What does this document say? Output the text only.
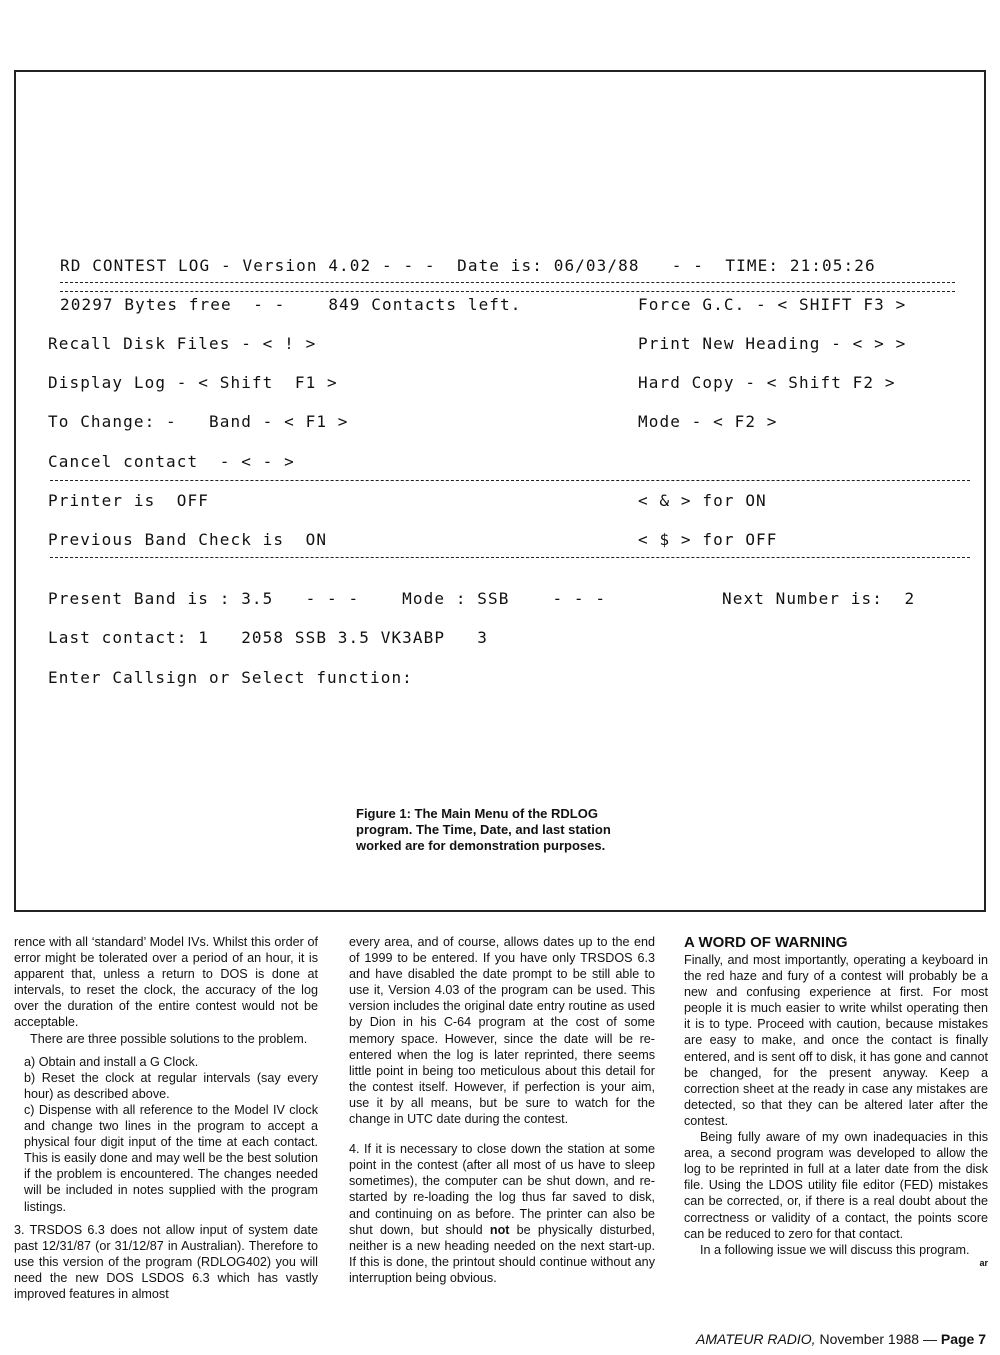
RD CONTEST LOG - Version 4.02 - - -  Date is: 06/03/88   - -  TIME: 21:05:26
20297 Bytes free  - -    849 Contacts left.	Force G.C. - < SHIFT F3 >
Recall Disk Files - < ! >	Print New Heading - < > >
Display Log - < Shift  F1 >	Hard Copy - < Shift F2 >
To Change: -   Band - < F1 >	Mode - < F2 >
Cancel contact  - < - >
Printer is  OFF	< & > for ON
Previous Band Check is  ON	< $ > for OFF
Present Band is : 3.5   - - -    Mode : SSB    - - -	Next Number is:  2
Last contact: 1   2058 SSB 3.5 VK3ABP   3
Enter Callsign or Select function:

Figure 1: The Main Menu of the RDLOG

program. The Time, Date, and last station

worked are for demonstration purposes.

rence with all ‘standard’ Model IVs. Whilst this order of error might be tolerated over a period of an hour, it is apparent that, unless a return to DOS is done at intervals, to reset the clock, the accuracy of the log over the duration of the entire contest would not be acceptable.

There are three possible solutions to the problem.

a) Obtain and install a G Clock.

b) Reset the clock at regular intervals (say every hour) as described above.

c) Dispense with all reference to the Model IV clock and change two lines in the program to accept a physical four digit input of the time at each contact. This is easily done and may well be the best solution if the problem is encountered. The changes needed will be included in notes supplied with the program listings.

3. TRSDOS 6.3 does not allow input of system date past 12/31/87 (or 31/12/87 in Australian). Therefore to use this version of the program (RDLOG402) you will need the new DOS LSDOS 6.3 which has vastly improved features in almost

every area, and of course, allows dates up to the end of 1999 to be entered. If you have only TRSDOS 6.3 and have disabled the date prompt to be still able to use it, Version 4.03 of the program can be used. This version includes the original date entry routine as used by Dion in his C-64 program at the cost of some memory space. However, since the date will be re-entered when the log is later reprinted, there seems little point in being too meticulous about this detail for the contest itself. However, if perfection is your aim, use it by all means, but be sure to watch for the change in UTC date during the contest.

4. If it is necessary to close down the station at some point in the contest (after all most of us have to sleep sometimes), the computer can be shut down, and re-started by re-loading the log thus far saved to disk, and continuing on as before. The printer can also be shut down, but should not be physically disturbed, neither is a new heading needed on the next start-up. If this is done, the printout should continue without any interruption being obvious.

A WORD OF WARNING

Finally, and most importantly, operating a keyboard in the red haze and fury of a contest will probably be a new and confusing experience at first. For most people it is much easier to write whilst operating then it is to type. Proceed with caution, because mistakes are easy to make, and once the contact is finally entered, and is sent off to disk, it has gone and cannot be changed, for the present anyway. Keep a correction sheet at the ready in case any mistakes are detected, so that they can be altered later after the contest.

Being fully aware of my own inadequacies in this area, a second program was developed to allow the log to be reprinted in full at a later date from the disk file. Using the LDOS utility file editor (FED) mistakes can be corrected, or, if there is a real doubt about the correctness or validity of a contact, the points score can be reduced to zero for that contact.

In a following issue we will discuss this program.

ar

AMATEUR RADIO, November 1988 — Page 7
